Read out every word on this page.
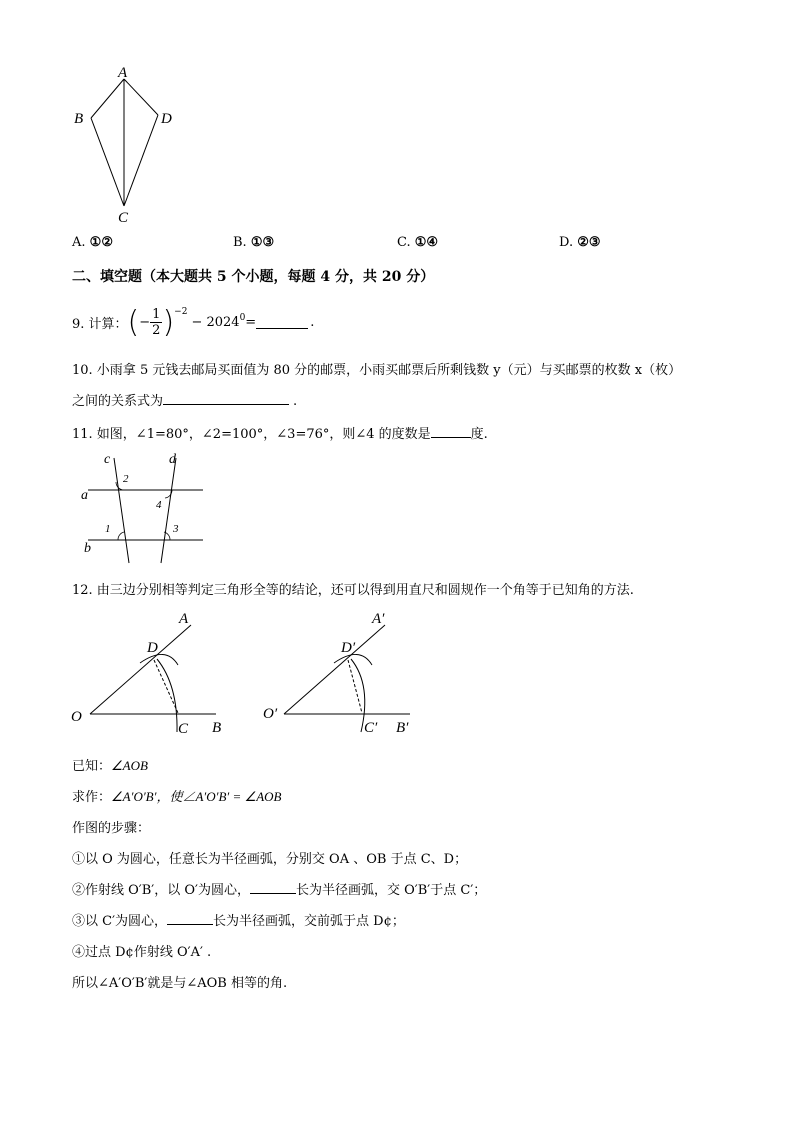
A
B	D
C
A. ①②	B. ①③	C. ①④	D. ②③
二、填空题（本大题共 5 个小题，每题 4 分，共 20 分）
9. 计算： ( − $\frac{1}{2} )^{-2}$
− $2024^0$ =	.
10. 小雨拿 5 元钱去邮局买面值为 80 分的邮票，小雨买邮票后所剩钱数 y（元）与买邮票的枚数 x（枚）
之间的关系式为	.
11. 如图，∠1=80°，∠2=100°，∠3=76°，则∠4 的度数是	度.
c	d
a
b
2
4
1	3
12. 由三边分别相等判定三角形全等的结论，还可以得到用直尺和圆规作一个角等于已知角的方法.
A
D
O
C B
A′
D′
O′
C′ B′
已知：∠AOB
求作：∠A′O′B′，使∠A′O′B′ = ∠AOB
作图的步骤：
①以 O 为圆心，任意长为半径画弧，分别交 OA 、OB 于点 C、D；
②作射线 O′B′，以 O′为圆心，	长为半径画弧，交 O′B′于点 C′；
③以 C′为圆心，	长为半径画弧，交前弧于点 D¢；
④过点 D¢作射线 O′A′ .
所以∠A′O′B′就是与∠AOB 相等的角.
